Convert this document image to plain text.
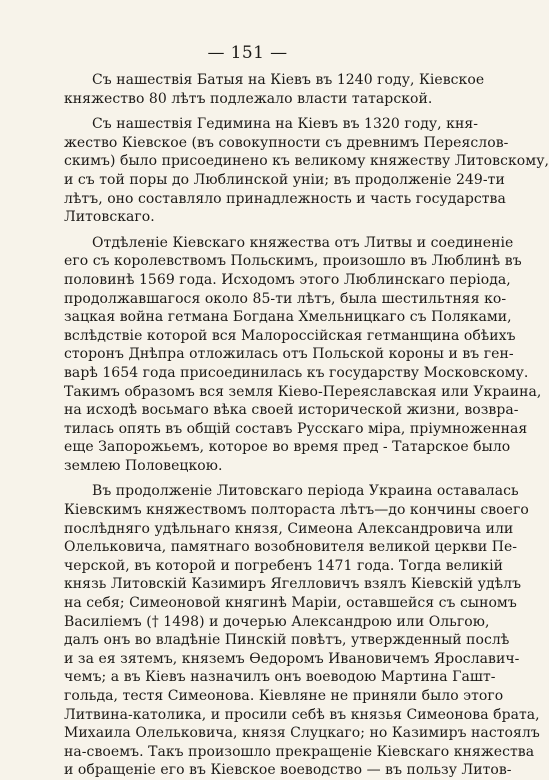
— 151 —
Съ нашествія Батыя на Кіевъ въ 1240 году, Кіевское
княжество 80 лѣтъ подлежало власти татарской.
Съ нашествія Гедимина на Кіевъ въ 1320 году, кня-
жество Кіевское (въ совокупности съ древнимъ Переяслов-
скимъ) было присоединено къ великому княжеству Литовскому,
и съ той поры до Люблинской уніи; въ продолженіе 249-ти
лѣтъ, оно составляло принадлежность и часть государства
Литовскаго.
Отдѣленіе Кіевскаго княжества отъ Литвы и соединеніе
его съ королевствомъ Польскимъ, произошло въ Люблинѣ въ
половинѣ 1569 года. Исходомъ этого Люблинскаго періода,
продолжавшагося около 85-ти лѣтъ, была шестильтняя ко-
зацкая война гетмана Богдана Хмельницкаго съ Поляками,
вслѣдствіе которой вся Малороссійская гетманщина обѣихъ
сторонъ Днѣпра отложилась отъ Польской короны и въ ген-
варѣ 1654 года присоединилась къ государству Московскому.
Такимъ образомъ вся земля Кіево-Переяславская или Украина,
на исходѣ восьмаго вѣка своей исторической жизни, возвра-
тилась опять въ общій составъ Русскаго міра, пріумноженная
еще Запорожьемъ, которое во время пред - Татарское было
землею Половецкою.
Въ продолженіе Литовскаго періода Украина оставалась
Кіевскимъ княжествомъ полтораста лѣтъ—до кончины своего
послѣдняго удѣльнаго князя, Симеона Александровича или
Олельковича, памятнаго возобновителя великой церкви Пе-
черской, въ которой и погребенъ 1471 года. Тогда великій
князь Литовскій Казимиръ Ягелловичъ взялъ Кіевскій удѣлъ
на себя; Симеоновой княгинѣ Маріи, оставшейся съ сыномъ
Василіемъ († 1498) и дочерью Александрою или Ольгою,
далъ онъ во владѣніе Пинскій повѣтъ, утвержденный послѣ
и за ея зятемъ, княземъ Ѳедоромъ Ивановичемъ Ярославич-
чемъ; а въ Кіевъ назначилъ онъ воеводою Мартина Гашт-
гольда, тестя Симеонова. Кіевляне не приняли было этого
Литвина-католика, и просили себѣ въ князья Симеонова брата,
Михаила Олельковича, князя Слуцкаго; но Казимиръ настоялъ
на-своемъ. Такъ произошло прекращеніе Кіевскаго княжества
и обращеніе его въ Кіевское воеводство — въ пользу Литов-
